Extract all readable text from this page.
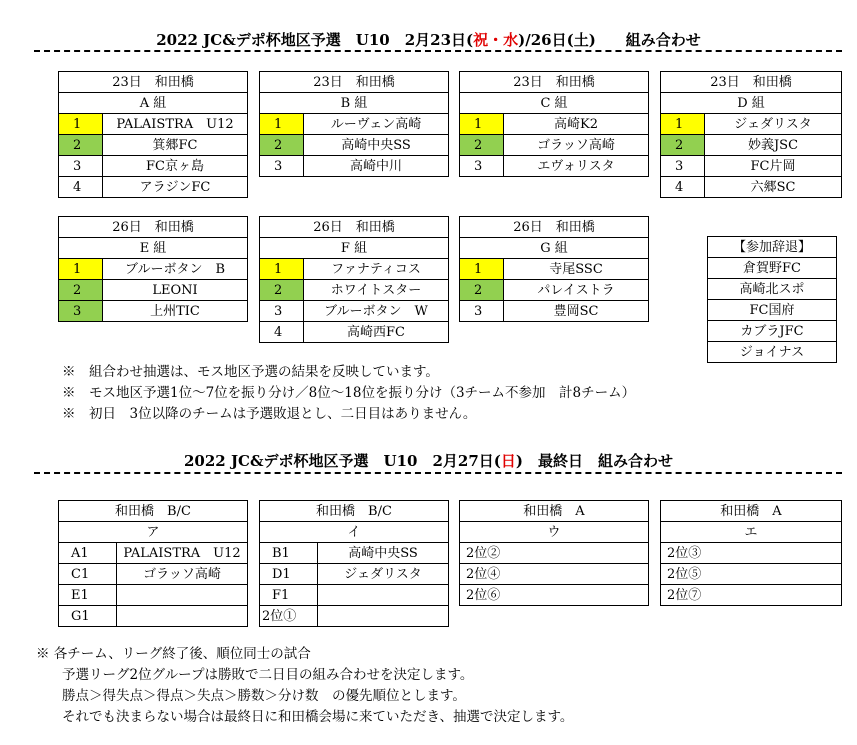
2022 JC&デポ杯地区予選　U10　2月23日(祝・水)/26日(土)　　組み合わせ
23日　和田橋	
A 組	
1	PALAISTRA　U12
2	箕郷FC
3	FC京ヶ島
4	アラジンFC
23日　和田橋	
B 組	
1	ルーヴェン高崎
2	高崎中央SS
3	高崎中川
23日　和田橋	
C 組	
1	高崎K2
2	ゴラッソ高崎
3	エヴォリスタ
23日　和田橋	
D 組	
1	ジェダリスタ
2	妙義JSC
3	FC片岡
4	六郷SC
26日　和田橋	
E 組	
1	ブルーボタン　B
2	LEONI
3	上州TIC
26日　和田橋	
F 組	
1	ファナティコス
2	ホワイトスター
3	ブルーボタン　W
4	高崎西FC
26日　和田橋	
G 組	
1	寺尾SSC
2	パレイストラ
3	豊岡SC
【参加辞退】
倉賀野FC
高崎北スポ
FC国府
カブラJFC
ジョイナス
※　組合わせ抽選は、モス地区予選の結果を反映しています。
※　モス地区予選1位～7位を振り分け／8位～18位を振り分け（3チーム不参加　計8チーム）
※　初日　3位以降のチームは予選敗退とし、二日目はありません。
2022 JC&デポ杯地区予選　U10　2月27日(日)　最終日　組み合わせ
和田橋　B/C	
ア	
A1	PALAISTRA　U12
C1	ゴラッソ高崎
E1	
G1	
和田橋　B/C	
イ	
B1	高崎中央SS
D1	ジェダリスタ
F1	
2位①	
和田橋　A
ウ
2位②
2位④
2位⑥
和田橋　A
エ
2位③
2位⑤
2位⑦
※ 各チーム、リーグ終了後、順位同士の試合
予選リーグ2位グループは勝敗で二日目の組み合わせを決定します。
勝点＞得失点＞得点＞失点＞勝数＞分け数　の優先順位とします。
それでも決まらない場合は最終日に和田橋会場に来ていただき、抽選で決定します。
